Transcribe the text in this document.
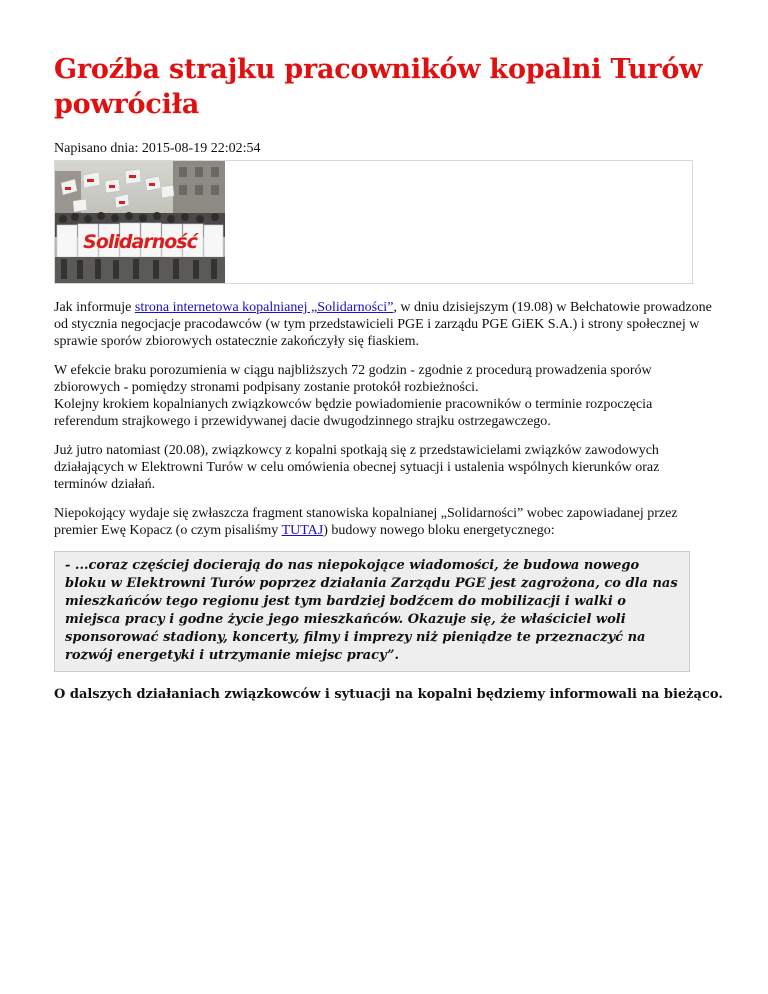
Groźba strajku pracowników kopalni Turów powróciła
Napisano dnia: 2015-08-19 22:02:54
Solidarność

Jak informuje strona internetowa kopalnianej „Solidarności”, w dniu dzisiejszym (19.08) w Bełchatowie prowadzone od stycznia negocjacje pracodawców (w tym przedstawicieli PGE i zarządu PGE GiEK S.A.) i strony społecznej w sprawie sporów zbiorowych ostatecznie zakończyły się fiaskiem.

W efekcie braku porozumienia w ciągu najbliższych 72 godzin - zgodnie z procedurą prowadzenia sporów zbiorowych - pomiędzy stronami podpisany zostanie protokół rozbieżności.
Kolejny krokiem kopalnianych związkowców będzie powiadomienie pracowników o terminie rozpoczęcia referendum strajkowego i przewidywanej dacie dwugodzinnego strajku ostrzegawczego.

Już jutro natomiast (20.08), związkowcy z kopalni spotkają się z przedstawicielami związków zawodowych działających w Elektrowni Turów w celu omówienia obecnej sytuacji i ustalenia wspólnych kierunków oraz terminów działań.

Niepokojący wydaje się zwłaszcza fragment stanowiska kopalnianej „Solidarności” wobec zapowiadanej przez premier Ewę Kopacz (o czym pisaliśmy TUTAJ) budowy nowego bloku energetycznego:

- ...coraz częściej docierają do nas niepokojące wiadomości, że budowa nowego bloku w Elektrowni Turów poprzez działania Zarządu PGE jest zagrożona, co dla nas mieszkańców tego regionu jest tym bardziej bodźcem do mobilizacji i walki o miejsca pracy i godne życie jego mieszkańców. Okazuje się, że właściciel woli sponsorować stadiony, koncerty, filmy i imprezy niż pieniądze te przeznaczyć na rozwój energetyki i utrzymanie miejsc pracy”.
O dalszych działaniach związkowców i sytuacji na kopalni będziemy informowali na bieżąco.
